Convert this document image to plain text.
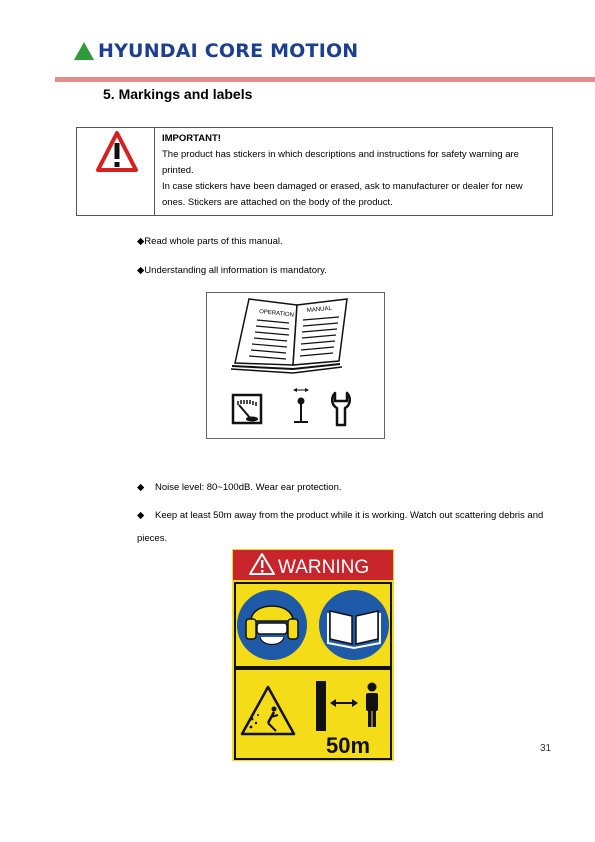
HYUNDAI CORE MOTION
5. Markings and labels
IMPORTANT!
The product has stickers in which descriptions and instructions for safety warning are printed.
In case stickers have been damaged or erased, ask to manufacturer or dealer for new ones. Stickers are attached on the body of the product.
◆Read whole parts of this manual.
◆Understanding all information is mandatory.
OPERATION MANUAL
◆ Noise level: 80~100dB. Wear ear protection.
◆ Keep at least 50m away from the product while it is working. Watch out scattering debris and pieces.
WARNING
50m	31
